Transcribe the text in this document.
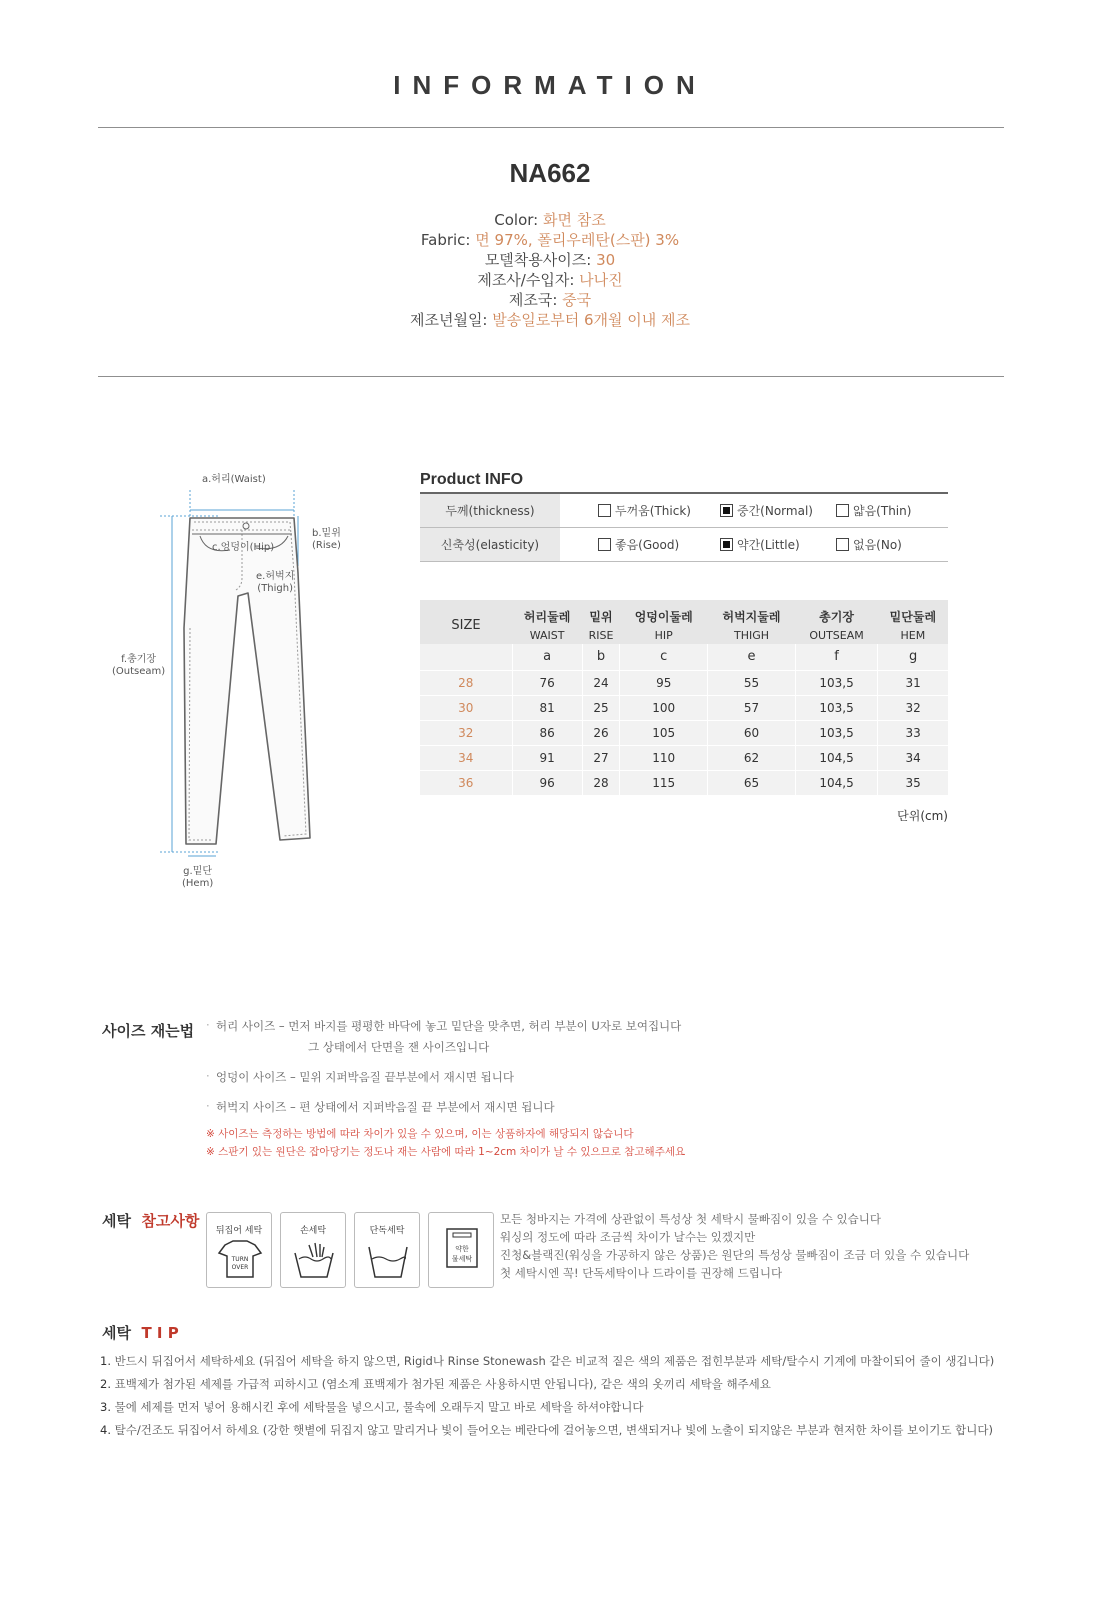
INFORMATION
NA662
Color: 화면 참조
Fabric: 면 97%, 폴리우레탄(스판) 3%
모델착용사이즈: 30
제조사/수입자: 나나진
제조국: 중국
제조년월일: 발송일로부터 6개월 이내 제조
a.허리(Waist)
b.밑위
(Rise)
c.엉덩이(Hip)
e.허벅지
(Thigh)
f.총기장
(Outseam)
g.밑단
(Hem)
Product INFO
두께(thickness)	두꺼움(Thick)	중간(Normal)	얇음(Thin)
신축성(elasticity)	좋음(Good)	약간(Little)	없음(No)
SIZE	허리둘레	밑위	엉덩이둘레	허벅지둘레	총기장	밑단둘레
	WAIST	RISE	HIP	THIGH	OUTSEAM	HEM
	a	b	c	e	f	g
28	76	24	95	55	103,5	31
30	81	25	100	57	103,5	32
32	86	26	105	60	103,5	33
34	91	27	110	62	104,5	34
36	96	28	115	65	104,5	35
단위(cm)
사이즈 재는법	· 허리 사이즈 – 먼저 바지를 평평한 바닥에 놓고 밑단을 맞추면, 허리 부분이 U자로 보여집니다
그 상태에서 단면을 잰 사이즈입니다
· 엉덩이 사이즈 – 밑위 지퍼박음질 끝부분에서 재시면 됩니다
· 허벅지 사이즈 – 편 상태에서 지퍼박음질 끝 부분에서 재시면 됩니다
※ 사이즈는 측정하는 방법에 따라 차이가 있을 수 있으며, 이는 상품하자에 해당되지 않습니다
※ 스판기 있는 원단은 잡아당기는 정도나 재는 사람에 따라 1~2cm 차이가 날 수 있으므로 참고해주세요
세탁 참고사항
뒤집어 세탁
TURN
OVER
손세탁	단독세탁
약한
물세탁
모든 청바지는 가격에 상관없이 특성상 첫 세탁시 물빠짐이 있을 수 있습니다
워싱의 정도에 따라 조금씩 차이가 날수는 있겠지만
진청&블랙진(워싱을 가공하지 않은 상품)은 원단의 특성상 물빠짐이 조금 더 있을 수 있습니다
첫 세탁시엔 꼭! 단독세탁이나 드라이를 권장해 드립니다
세탁 T I P
1. 반드시 뒤집어서 세탁하세요 (뒤집어 세탁을 하지 않으면, Rigid나 Rinse Stonewash 같은 비교적 짙은 색의 제품은 접힌부분과 세탁/탈수시 기계에 마찰이되어 줄이 생깁니다)
2. 표백제가 첨가된 세제를 가급적 피하시고 (염소계 표백제가 첨가된 제품은 사용하시면 안됩니다), 같은 색의 옷끼리 세탁을 해주세요
3. 물에 세제를 먼저 넣어 용해시킨 후에 세탁물을 넣으시고, 물속에 오래두지 말고 바로 세탁을 하셔야합니다
4. 탈수/건조도 뒤집어서 하세요 (강한 햇볕에 뒤집지 않고 말리거나 빛이 들어오는 베란다에 걸어놓으면, 변색되거나 빛에 노출이 되지않은 부분과 현저한 차이를 보이기도 합니다)
